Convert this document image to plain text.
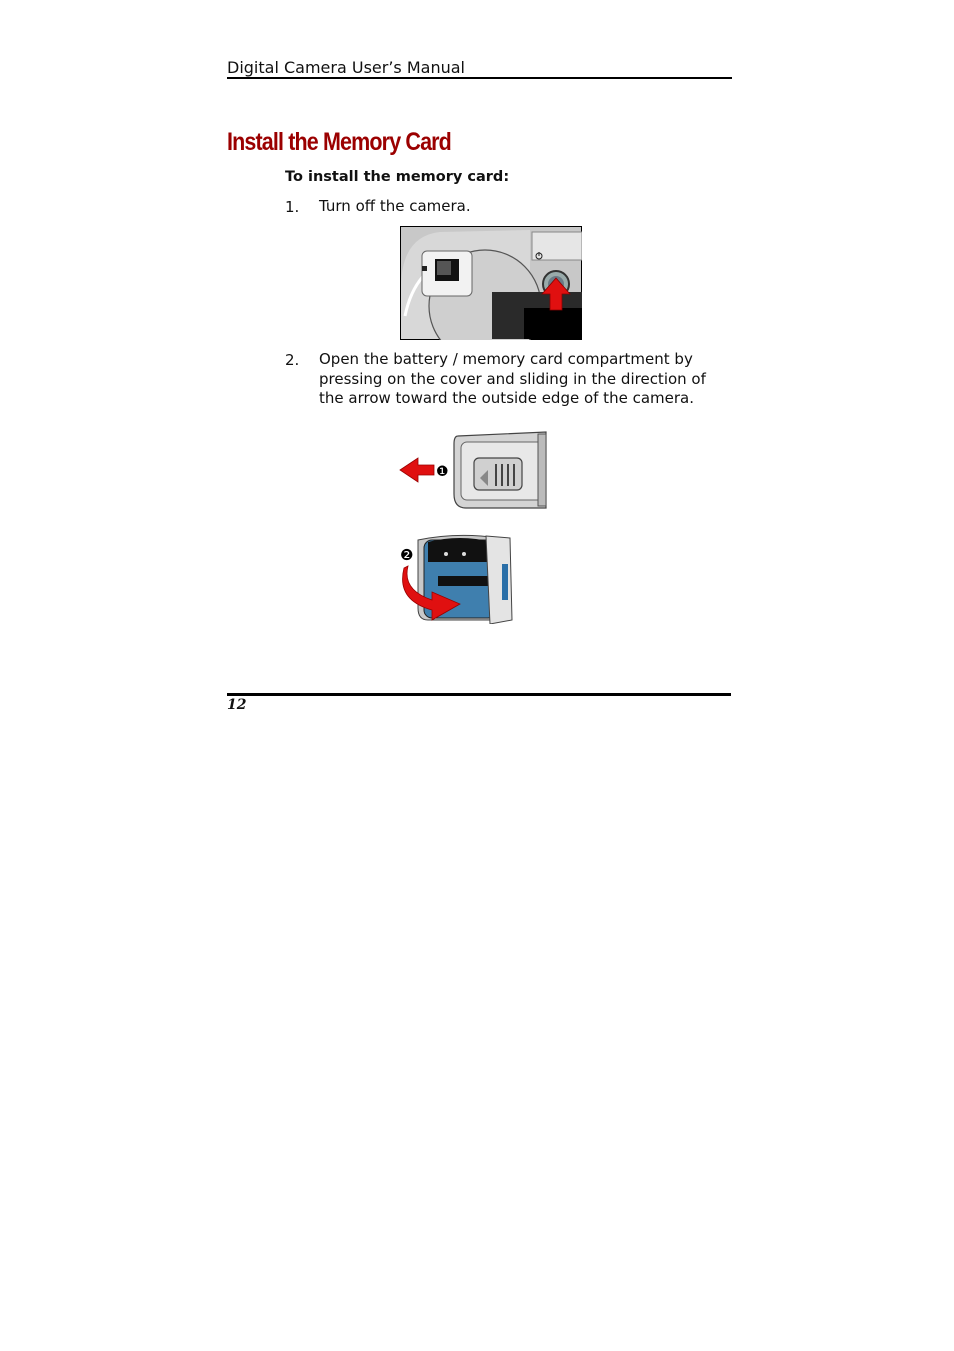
Digital Camera User’s Manual
Install the Memory Card
To install the memory card:
1. Turn off the camera.
2. Open the battery / memory card compartment by pressing on the cover and sliding in the direction of the arrow toward the outside edge of the camera.
❶
❷
12
